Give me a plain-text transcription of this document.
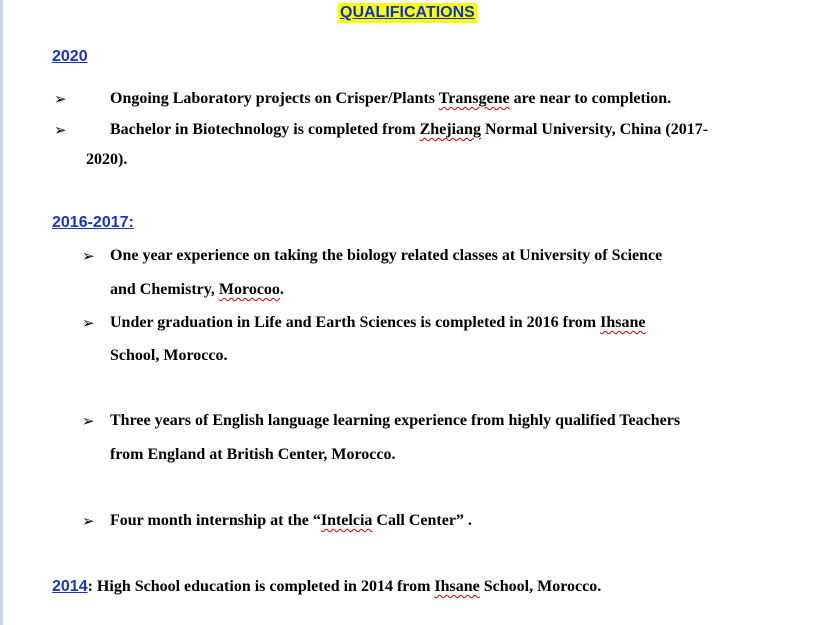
QUALIFICATIONS
2020
➢	Ongoing Laboratory projects on Crisper/Plants Transgene are near to completion.
➢	Bachelor in Biotechnology is completed from Zhejiang Normal University, China (2017-
2020).
2016-2017:
➢ One year experience on taking the biology related classes at University of Science
and Chemistry, Morocoo.
➢ Under graduation in Life and Earth Sciences is completed in 2016 from Ihsane
School, Morocco.
➢ Three years of English language learning experience from highly qualified Teachers
from England at British Center, Morocco.
➢ Four month internship at the “Intelcia Call Center” .
2014: High School education is completed in 2014 from Ihsane School, Morocco.
